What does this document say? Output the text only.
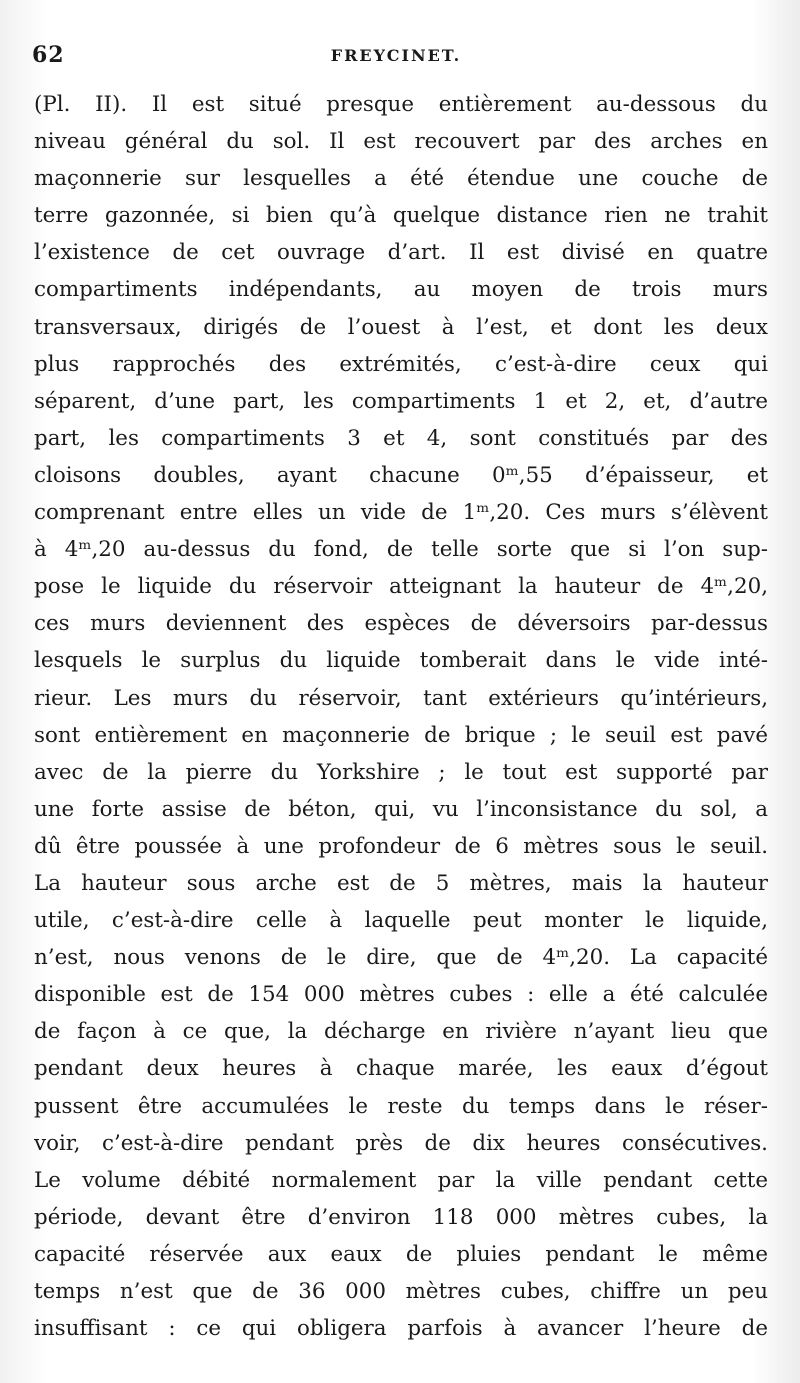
62	FREYCINET.
(Pl. II). Il est situé presque entièrement au-dessous du
niveau général du sol. Il est recouvert par des arches en
maçonnerie sur lesquelles a été étendue une couche de
terre gazonnée, si bien qu’à quelque distance rien ne trahit
l’existence de cet ouvrage d’art. Il est divisé en quatre
compartiments indépendants, au moyen de trois murs
transversaux, dirigés de l’ouest à l’est, et dont les deux
plus rapprochés des extrémités, c’est-à-dire ceux qui
séparent, d’une part, les compartiments 1 et 2, et, d’autre
part, les compartiments 3 et 4, sont constitués par des
cloisons doubles, ayant chacune 0ᵐ,55 d’épaisseur, et
comprenant entre elles un vide de 1ᵐ,20. Ces murs s’élèvent
à 4ᵐ,20 au-dessus du fond, de telle sorte que si l’on sup-
pose le liquide du réservoir atteignant la hauteur de 4ᵐ,20,
ces murs deviennent des espèces de déversoirs par-dessus
lesquels le surplus du liquide tomberait dans le vide inté-
rieur. Les murs du réservoir, tant extérieurs qu’intérieurs,
sont entièrement en maçonnerie de brique ; le seuil est pavé
avec de la pierre du Yorkshire ; le tout est supporté par
une forte assise de béton, qui, vu l’inconsistance du sol, a
dû être poussée à une profondeur de 6 mètres sous le seuil.
La hauteur sous arche est de 5 mètres, mais la hauteur
utile, c’est-à-dire celle à laquelle peut monter le liquide,
n’est, nous venons de le dire, que de 4ᵐ,20. La capacité
disponible est de 154 000 mètres cubes : elle a été calculée
de façon à ce que, la décharge en rivière n’ayant lieu que
pendant deux heures à chaque marée, les eaux d’égout
pussent être accumulées le reste du temps dans le réser-
voir, c’est-à-dire pendant près de dix heures consécutives.
Le volume débité normalement par la ville pendant cette
période, devant être d’environ 118 000 mètres cubes, la
capacité réservée aux eaux de pluies pendant le même
temps n’est que de 36 000 mètres cubes, chiffre un peu
insuffisant : ce qui obligera parfois à avancer l’heure de
